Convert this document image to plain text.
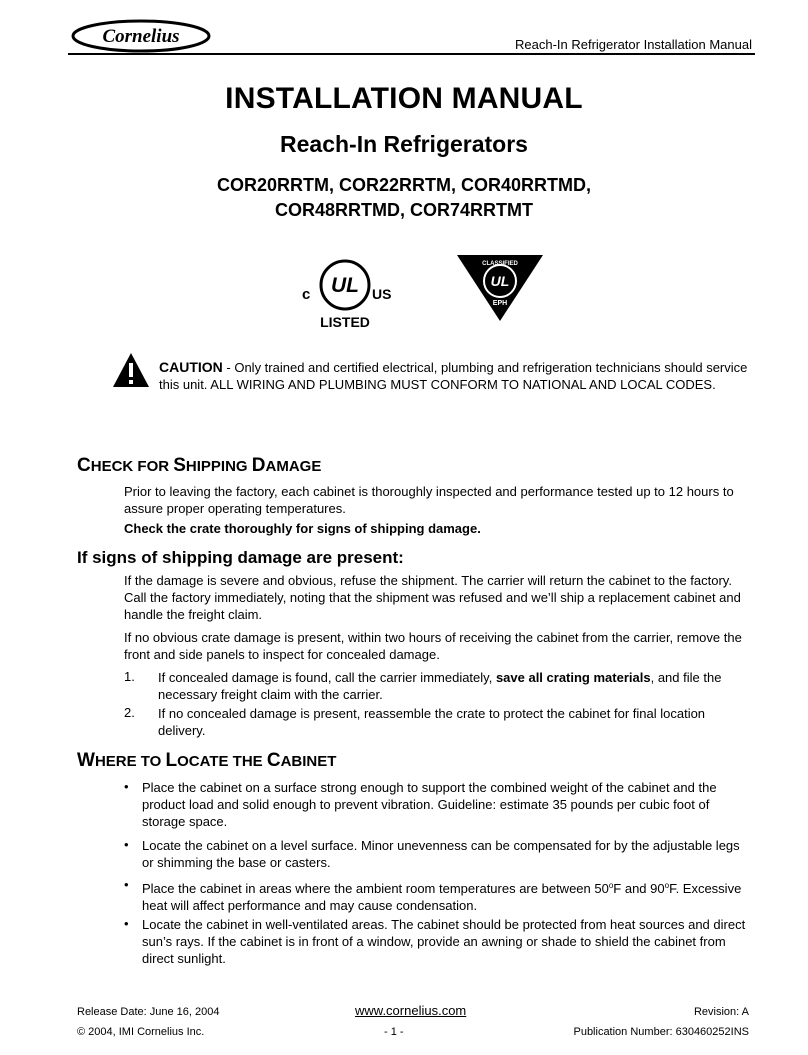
Cornelius	Reach-In Refrigerator Installation Manual
INSTALLATION MANUAL
Reach-In Refrigerators
COR20RRTM, COR22RRTM, COR40RRTMD,
COR48RRTMD, COR74RRTMT
c UL US
LISTED
CLASSIFIED
UL
EPH
CAUTION - Only trained and certified electrical, plumbing and refrigeration technicians should service this unit. ALL WIRING AND PLUMBING MUST CONFORM TO NATIONAL AND LOCAL CODES.
CHECK FOR SHIPPING DAMAGE
Prior to leaving the factory, each cabinet is thoroughly inspected and performance tested up to 12 hours to assure proper operating temperatures.
Check the crate thoroughly for signs of shipping damage.
If signs of shipping damage are present:
If the damage is severe and obvious, refuse the shipment. The carrier will return the cabinet to the factory. Call the factory immediately, noting that the shipment was refused and we’ll ship a replacement cabinet and handle the freight claim.
If no obvious crate damage is present, within two hours of receiving the cabinet from the carrier, remove the front and side panels to inspect for concealed damage.
1. If concealed damage is found, call the carrier immediately, save all crating materials, and file the necessary freight claim with the carrier.
2. If no concealed damage is present, reassemble the crate to protect the cabinet for final location delivery.
WHERE TO LOCATE THE CABINET
• Place the cabinet on a surface strong enough to support the combined weight of the cabinet and the product load and solid enough to prevent vibration. Guideline: estimate 35 pounds per cubic foot of storage space.
• Locate the cabinet on a level surface. Minor unevenness can be compensated for by the adjustable legs or shimming the base or casters.
• Place the cabinet in areas where the ambient room temperatures are between 50$^o$F and 90$^o$F. Excessive heat will affect performance and may cause condensation.
• Locate the cabinet in well-ventilated areas. The cabinet should be protected from heat sources and direct sun’s rays. If the cabinet is in front of a window, provide an awning or shade to shield the cabinet from direct sunlight.
Release Date: June 16, 2004	www.cornelius.com	Revision: A
© 2004, IMI Cornelius Inc.	- 1 -	Publication Number: 630460252INS
